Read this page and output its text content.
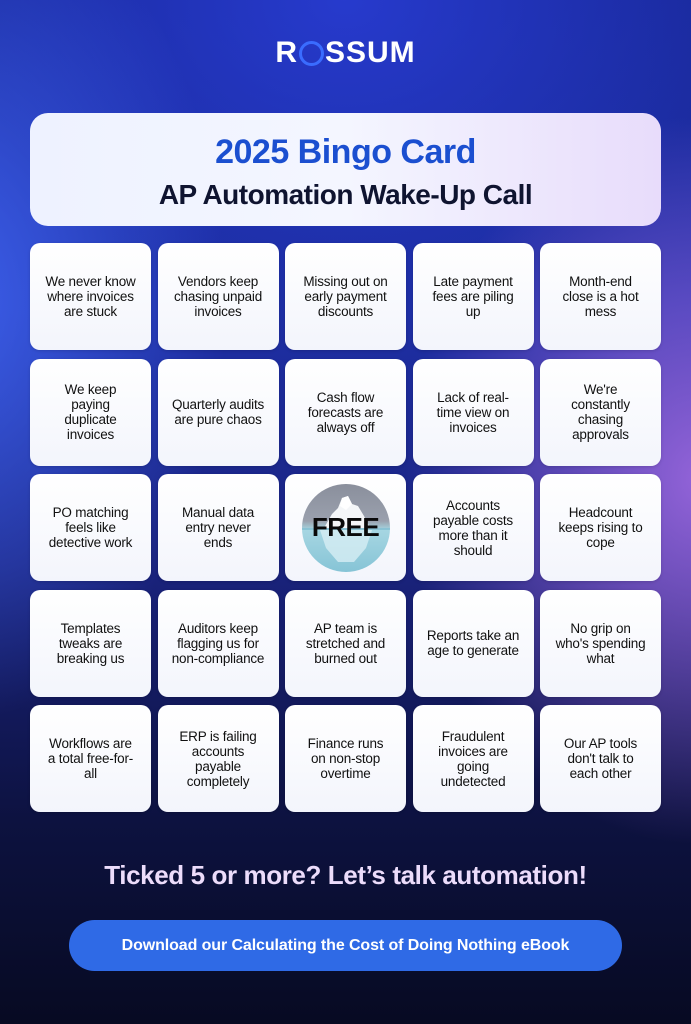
R SSUM
2025 Bingo Card
AP Automation Wake-Up Call
We never know where invoices are stuck
Vendors keep chasing unpaid invoices
Missing out on early payment discounts
Late payment fees are piling up
Month-end close is a hot mess
We keep paying duplicate invoices
Quarterly audits are pure chaos
Cash flow forecasts are always off
Lack of real-time view on invoices
We're constantly chasing approvals
PO matching feels like detective work
Manual data entry never ends
FREE
Accounts payable costs more than it should
Headcount keeps rising to cope
Templates tweaks are breaking us
Auditors keep flagging us for non-compliance
AP team is stretched and burned out
Reports take an age to generate
No grip on who's spending what
Workflows are a total free-for-all
ERP is failing accounts payable completely
Finance runs on non-stop overtime
Fraudulent invoices are going undetected
Our AP tools don't talk to each other
Ticked 5 or more? Let’s talk automation!
Download our Calculating the Cost of Doing Nothing eBook
